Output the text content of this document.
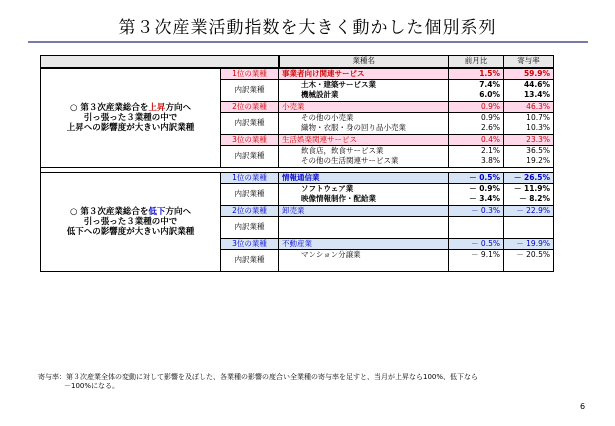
第３次産業活動指数を大きく動かした個別系列
		業種名	前月比	寄与率
○ 第３次産業総合を上昇方向へ
引っ張った３業種の中で
上昇への影響度が大きい内訳業種	1位の業種	事業者向け関連サービス	1.5%	59.9%
	内訳業種	土木・建築サービス業	7.4%	44.6%
		機械設計業	6.0%	13.4%
	2位の業種	小売業	0.9%	46.3%
	内訳業種	その他の小売業	0.9%	10.7%
		織物・衣服・身の回り品小売業	2.6%	10.3%
	3位の業種	生活娯楽関連サービス	0.4%	23.3%
	内訳業種	飲食店，飲食サービス業	2.1%	36.5%
		その他の生活関連サービス業	3.8%	19.2%

○ 第３次産業総合を低下方向へ
引っ張った３業種の中で
低下への影響度が大きい内訳業種	1位の業種	情報通信業	－ 0.5%	－ 26.5%
	内訳業種	ソフトウェア業	－ 0.9%	－ 11.9%
		映像情報制作・配給業	－ 3.4%	－ 8.2%
	2位の業種	卸売業	－ 0.3%	－ 22.9%
	内訳業種			

	3位の業種	不動産業	－ 0.5%	－ 19.9%
	内訳業種	マンション分譲業	－ 9.1%	－ 20.5%

寄与率：第３次産業全体の変動に対して影響を及ぼした、各業種の影響の度合い全業種の寄与率を足すと、当月が上昇なら100%、低下なら
－100%になる。
6
